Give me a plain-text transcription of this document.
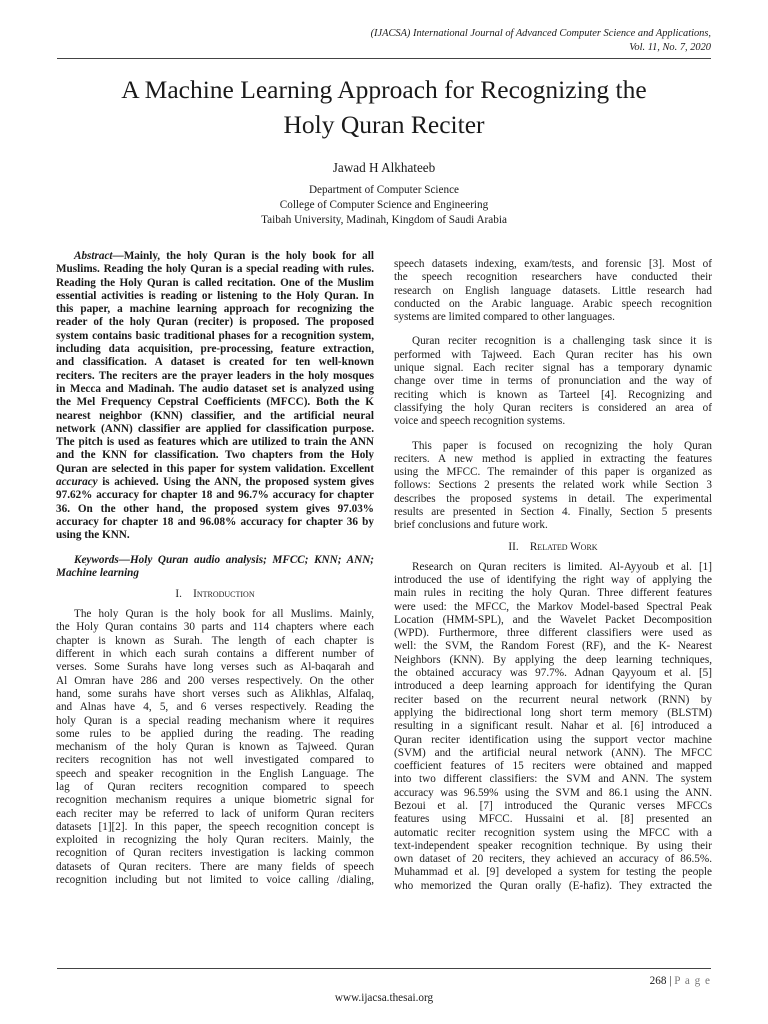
(IJACSA) International Journal of Advanced Computer Science and Applications,
Vol. 11, No. 7, 2020
A Machine Learning Approach for Recognizing the
Holy Quran Reciter
Jawad H Alkhateeb
Department of Computer Science
College of Computer Science and Engineering
Taibah University, Madinah, Kingdom of Saudi Arabia
Abstract—Mainly, the holy Quran is the holy book for all
Muslims. Reading the holy Quran is a special reading with rules.
Reading the Holy Quran is called recitation. One of the Muslim
essential activities is reading or listening to the Holy Quran. In
this paper, a machine learning approach for recognizing the
reader of the holy Quran (reciter) is proposed. The proposed
system contains basic traditional phases for a recognition system,
including data acquisition, pre-processing, feature extraction,
and classification. A dataset is created for ten well-known
reciters. The reciters are the prayer leaders in the holy mosques
in Mecca and Madinah. The audio dataset set is analyzed using
the Mel Frequency Cepstral Coefficients (MFCC). Both the K
nearest neighbor (KNN) classifier, and the artificial neural
network (ANN) classifier are applied for classification purpose.
The pitch is used as features which are utilized to train the ANN
and the KNN for classification. Two chapters from the Holy
Quran are selected in this paper for system validation. Excellent
accuracy is achieved. Using the ANN, the proposed system gives
97.62% accuracy for chapter 18 and 96.7% accuracy for chapter
36. On the other hand, the proposed system gives 97.03%
accuracy for chapter 18 and 96.08% accuracy for chapter 36 by
using the KNN.
Keywords—Holy Quran audio analysis; MFCC; KNN; ANN;
Machine learning
I. Introduction
The holy Quran is the holy book for all Muslims. Mainly,
the Holy Quran contains 30 parts and 114 chapters where each
chapter is known as Surah. The length of each chapter is
different in which each surah contains a different number of
verses. Some Surahs have long verses such as Al-baqarah and
Al Omran have 286 and 200 verses respectively. On the other
hand, some surahs have short verses such as Alikhlas, Alfalaq,
and Alnas have 4, 5, and 6 verses respectively. Reading the
holy Quran is a special reading mechanism where it requires
some rules to be applied during the reading. The reading
mechanism of the holy Quran is known as Tajweed. Quran
reciters recognition has not well investigated compared to
speech and speaker recognition in the English Language. The
lag of Quran reciters recognition compared to speech
recognition mechanism requires a unique biometric signal for
each reciter may be referred to lack of uniform Quran reciters
datasets [1][2]. In this paper, the speech recognition concept is
exploited in recognizing the holy Quran reciters. Mainly, the
recognition of Quran reciters investigation is lacking common
datasets of Quran reciters. There are many fields of speech
recognition including but not limited to voice calling /dialing,
speech datasets indexing, exam/tests, and forensic [3]. Most of
the speech recognition researchers have conducted their
research on English language datasets. Little research had
conducted on the Arabic language. Arabic speech recognition
systems are limited compared to other languages.
Quran reciter recognition is a challenging task since it is
performed with Tajweed. Each Quran reciter has his own
unique signal. Each reciter signal has a temporary dynamic
change over time in terms of pronunciation and the way of
reciting which is known as Tarteel [4]. Recognizing and
classifying the holy Quran reciters is considered an area of
voice and speech recognition systems.
This paper is focused on recognizing the holy Quran
reciters. A new method is applied in extracting the features
using the MFCC. The remainder of this paper is organized as
follows: Sections 2 presents the related work while Section 3
describes the proposed systems in detail. The experimental
results are presented in Section 4. Finally, Section 5 presents
brief conclusions and future work.
II. Related Work
Research on Quran reciters is limited. Al-Ayyoub et al. [1]
introduced the use of identifying the right way of applying the
main rules in reciting the holy Quran. Three different features
were used: the MFCC, the Markov Model-based Spectral Peak
Location (HMM-SPL), and the Wavelet Packet Decomposition
(WPD). Furthermore, three different classifiers were used as
well: the SVM, the Random Forest (RF), and the K- Nearest
Neighbors (KNN). By applying the deep learning techniques,
the obtained accuracy was 97.7%. Adnan Qayyoum et al. [5]
introduced a deep learning approach for identifying the Quran
reciter based on the recurrent neural network (RNN) by
applying the bidirectional long short term memory (BLSTM)
resulting in a significant result. Nahar et al. [6] introduced a
Quran reciter identification using the support vector machine
(SVM) and the artificial neural network (ANN). The MFCC
coefficient features of 15 reciters were obtained and mapped
into two different classifiers: the SVM and ANN. The system
accuracy was 96.59% using the SVM and 86.1 using the ANN.
Bezoui et al. [7] introduced the Quranic verses MFCCs
features using MFCC. Hussaini et al. [8] presented an
automatic reciter recognition system using the MFCC with a
text-independent speaker recognition technique. By using their
own dataset of 20 reciters, they achieved an accuracy of 86.5%.
Muhammad et al. [9] developed a system for testing the people
who memorized the Quran orally (E-hafiz). They extracted the
268 | P a g e
www.ijacsa.thesai.org
